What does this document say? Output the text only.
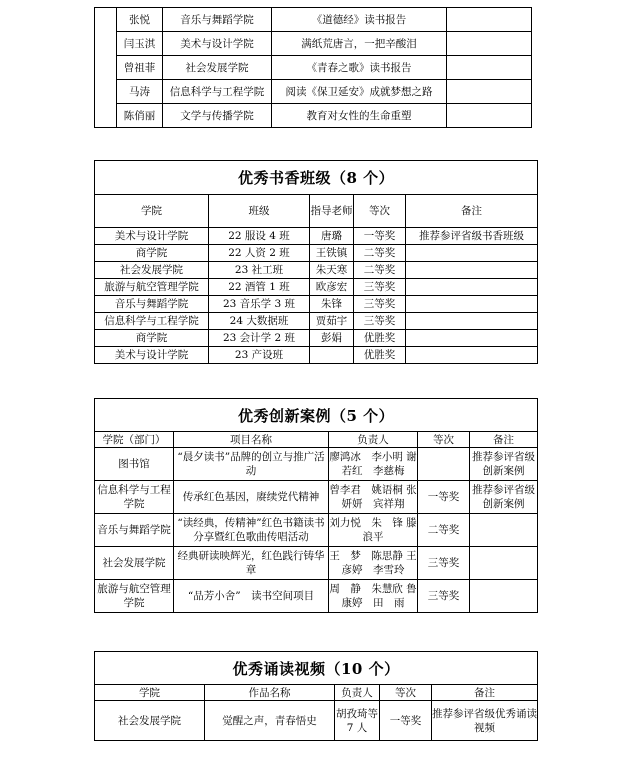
	张悦	音乐与舞蹈学院	《道德经》读书报告	
	闫玉淇	美术与设计学院	满纸荒唐言，一把辛酸泪	
	曾祖菲	社会发展学院	《青春之歌》读书报告	
	马涛	信息科学与工程学院	阅读《保卫延安》成就梦想之路	
	陈俏丽	文学与传播学院	教育对女性的生命重塑	
优秀书香班级（8 个）				
学院	班级	指导老师	等次	备注
美术与设计学院	22 服设 4 班	唐璐	一等奖	推荐参评省级书香班级
商学院	22 人资 2 班	王铁镇	二等奖	
社会发展学院	23 社工班	朱天寒	二等奖	
旅游与航空管理学院	22 酒管 1 班	欧彦宏	三等奖	
音乐与舞蹈学院	23 音乐学 3 班	朱锋	三等奖	
信息科学与工程学院	24 大数据班	贾茹宇	三等奖	
商学院	23 会计学 2 班	彭娟	优胜奖	
美术与设计学院	23 产设班		优胜奖	
优秀创新案例（5 个）				
学院（部门）	项目名称	负责人	等次	备注
图书馆	“晨夕读书”品牌的创立与推广活动	廖鸿冰　李小明 谢若红　李慈梅		推荐参评省级创新案例
信息科学与工程学院	传承红色基因，赓续党代精神	曾李君　姚语桐 张妍妍　宾祥翔	一等奖	推荐参评省级创新案例
音乐与舞蹈学院	“读经典，传精神”红色书籍读书分享暨红色歌曲传唱活动	刘力悦　朱　锋 滕浪平	二等奖	
社会发展学院	经典研读映辉光，红色践行铸华章	王　梦　陈思静 王彦婷　李雪玲	三等奖	
旅游与航空管理学院	“品芳小舍”　读书空间项目	周　静　朱慧欣 鲁康婷　田　雨	三等奖	
优秀诵读视频（10 个）				
学院	作品名称	负责人	等次	备注
社会发展学院	觉醒之声，青春悟史	胡孜琦等 7 人	一等奖	推荐参评省级优秀诵读视频
